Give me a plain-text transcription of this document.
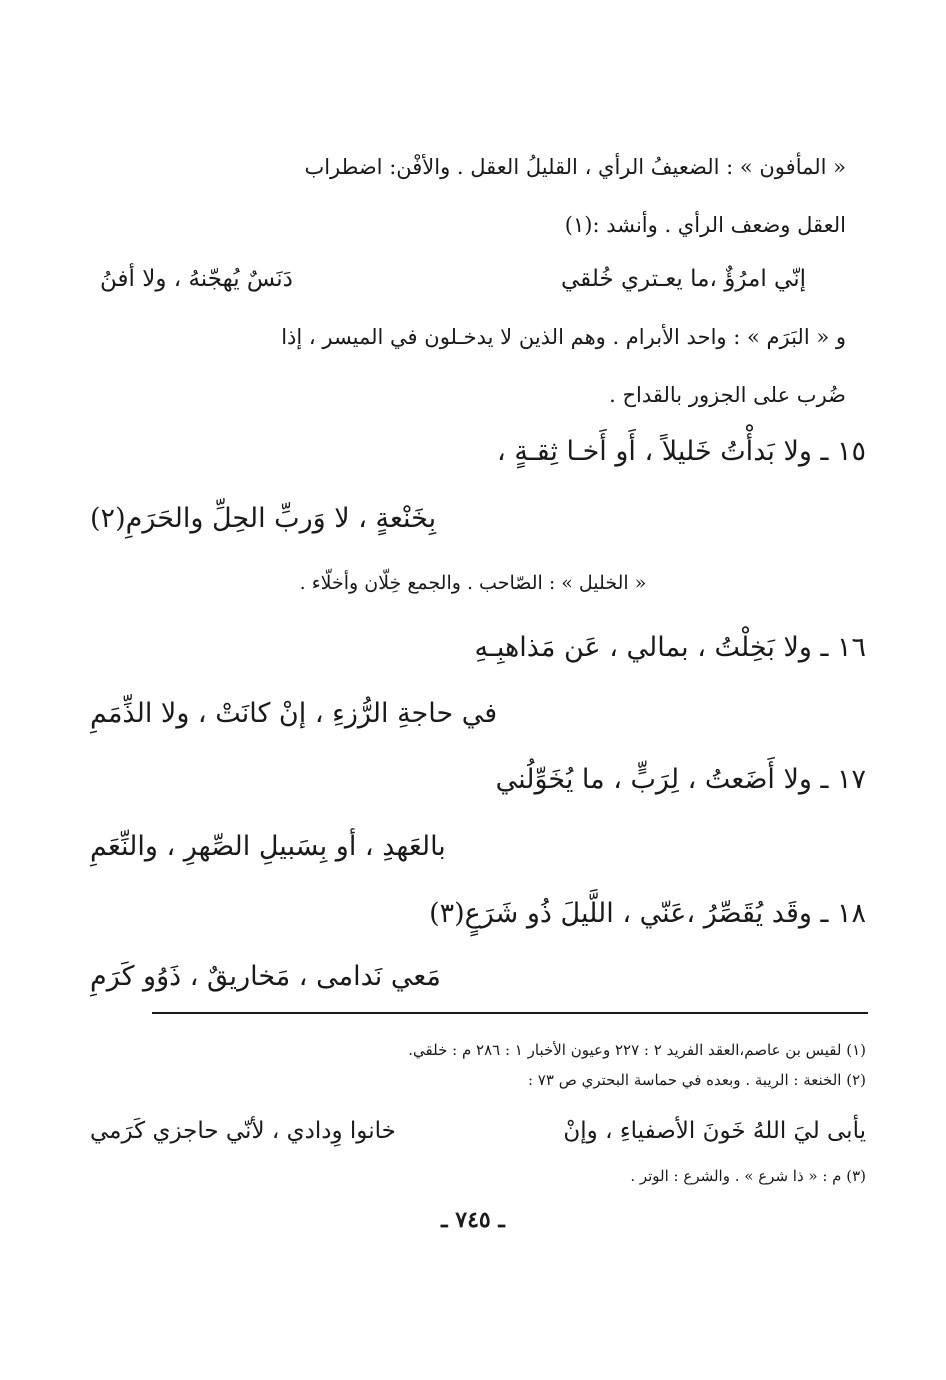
« المأفون » : الضعيفُ الرأي ، القليلُ العقل . والأفْن: اضطراب
العقل وضعف الرأي . وأنشد :(١)
إنّي امرُؤٌ ،ما يعـتري خُلقي
دَنَسٌ يُهجّنهُ ، ولا أفنُ
و « البَرَم » : واحد الأبرام . وهم الذين لا يدخـلون في الميسر ، إذا
ضُرب على الجزور بالقداح .
١٥ ـ ولا بَدأْتُ خَليلاً ، أَو أَخـا ثِقـةٍ ،
بِخَنْعةٍ ، لا وَربِّ الحِلِّ والحَرَمِ(٢)
« الخليل » : الصّاحب . والجمع خِلّان وأخلّاء .
١٦ ـ ولا بَخِلْتُ ، بمالي ، عَن مَذاهبِـهِ
في حاجةِ الرُّزءِ ، إنْ كانَتْ ، ولا الذِّمَمِ
١٧ ـ ولا أَضَعتُ ، لِرَبٍّ ، ما يُخَوِّلُني
بالعَهدِ ، أو بِسَبيلِ الصِّهرِ ، والنِّعَمِ
١٨ ـ وقَد يُقَصِّرُ ،عَنّي ، اللَّيلَ ذُو شَرَعٍ(٣)
مَعي نَدامى ، مَخاريقٌ ، ذَوُو كَرَمِ
(١) لقيس بن عاصم،العقد الفريد ٢ : ٢٢٧ وعيون الأخبار ١ : ٢٨٦ م : خلقي.
(٢) الخنعة : الريبة . وبعده في حماسة البحتري ص ٧٣ :
يأبى ليَ اللهُ خَونَ الأصفياءِ ، وإنْ
خانوا وِدادي ، لأنّي حاجزي كَرَمي
(٣) م : « ذا شرع » . والشرع : الوتر .
ـ ٧٤٥ ـ
